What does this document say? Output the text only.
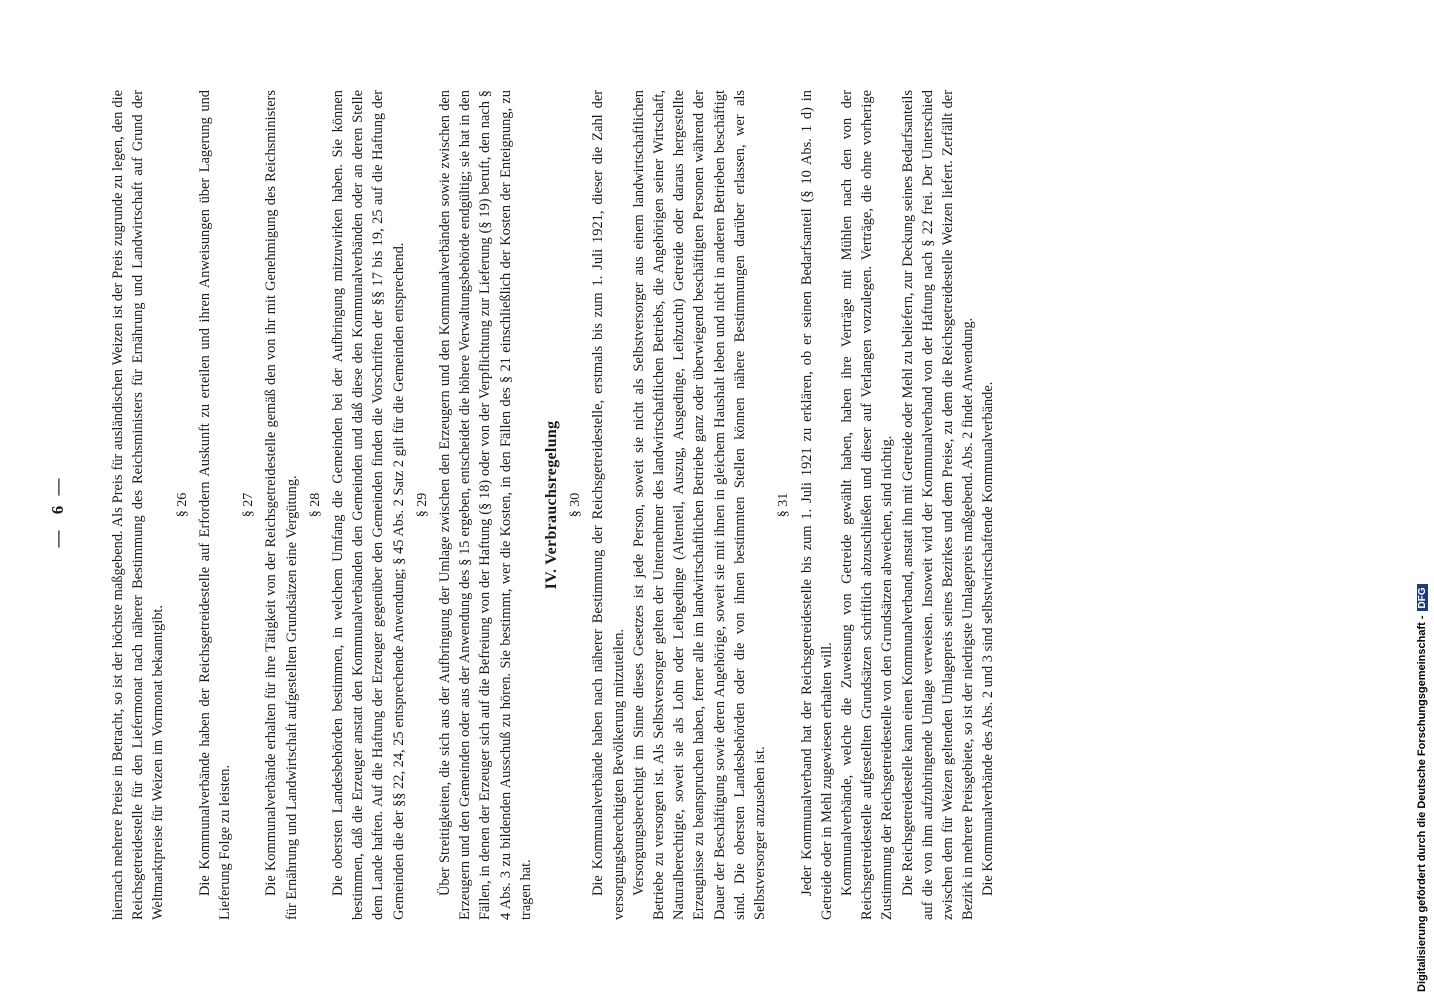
— 6 —	hiernach mehrere Preise in Betracht, so ist der höchste maßgebend. Als Preis für ausländischen Weizen ist der Preis zugrunde zu legen, den die Reichsgetreidestelle für den Liefermonat nach näherer Bestimmung des Reichsministers für Ernährung und Landwirtschaft auf Grund der Weltmarktpreise für Weizen im Vormonat bekanntgibt.

§ 26 Die Kommunalverbände haben der Reichsgetreidestelle auf Erfordern Auskunft zu erteilen und ihren Anweisungen über Lagerung und Lieferung Folge zu leisten.

§ 27 Die Kommunalverbände erhalten für ihre Tätigkeit von der Reichsgetreidestelle gemäß den von ihr mit Genehmigung des Reichsministers für Ernährung und Landwirtschaft aufgestellten Grundsätzen eine Vergütung. § 28 Die obersten Landesbehörden bestimmen, in welchem Umfang die Gemeinden bei der Aufbringung mitzuwirken haben. Sie können bestimmen, daß die Erzeuger anstatt den Kommunalverbänden den Gemeinden und daß diese den Kommunalverbänden oder an deren Stelle dem Lande haften. Auf die Haftung der Erzeuger gegenüber den Gemeinden finden die Vorschriften der §§ 17 bis 19, 25 auf die Haftung der Gemeinden die der §§ 22, 24, 25 entsprechende Anwendung; § 45 Abs. 2 Satz 2 gilt für die Gemeinden entsprechend. § 29 Über Streitigkeiten, die sich aus der Aufbringung der Umlage zwischen den Erzeugern und den Kommunalverbänden sowie zwischen den Erzeugern und den Gemeinden oder aus der Anwendung des § 15 ergeben, entscheidet die höhere Verwaltungsbehörde endgültig; sie hat in den Fällen, in denen der Erzeuger sich auf die Befreiung von der Haftung (§ 18) oder von der Verpflichtung zur Lieferung (§ 19) beruft, den nach § 4 Abs. 3 zu bildenden Ausschuß zu hören. Sie bestimmt, wer die Kosten, in den Fällen des § 21 einschließlich der Kosten der Enteignung, zu tragen hat.

IV. Verbrauchsregelung § 30 Die Kommunalverbände haben nach näherer Bestimmung der Reichsgetreidestelle, erstmals bis zum 1. Juli 1921, dieser die Zahl der versorgungsberechtigten Bevölkerung mitzuteilen. Versorgungsberechtigt im Sinne dieses Gesetzes ist jede Person, soweit sie nicht als Selbstversorger aus einem landwirtschaftlichen Betriebe zu versorgen ist. Als Selbstversorger gelten der Unternehmer des landwirtschaftlichen Betriebs, die Angehörigen seiner Wirtschaft, Naturalberechtigte, soweit sie als Lohn oder Leibgedinge (Altenteil, Auszug, Ausgedinge, Leibzucht) Getreide oder daraus hergestellte Erzeugnisse zu beanspruchen haben, ferner alle im landwirtschaftlichen Betriebe ganz oder überwiegend beschäftigten Personen während der Dauer der Beschäftigung sowie deren Angehörige, soweit sie mit ihnen in gleichem Haushalt leben und nicht in anderen Betrieben beschäftigt sind. Die obersten Landesbehörden oder die von ihnen bestimmten Stellen können nähere Bestimmungen darüber erlassen, wer als Selbstversorger anzusehen ist.

§ 31 Jeder Kommunalverband hat der Reichsgetreidestelle bis zum 1. Juli 1921 zu erklären, ob er seinen Bedarfsanteil (§ 10 Abs. 1 d) in Getreide oder in Mehl zugewiesen erhalten will. Kommunalverbände, welche die Zuweisung von Getreide gewählt haben, haben ihre Verträge mit Mühlen nach den von der Reichsgetreidestelle aufgestellten Grundsätzen schriftlich abzuschließen und dieser auf Verlangen vorzulegen. Verträge, die ohne vorherige Zustimmung der Reichsgetreidestelle von den Grundsätzen abweichen, sind nichtig. Die Reichsgetreidestelle kann einen Kommunalverband, anstatt ihn mit Getreide oder Mehl zu beliefern, zur Deckung seines Bedarfsanteils auf die von ihm aufzubringende Umlage verweisen. Insoweit wird der Kommunalverband von der Haftung nach § 22 frei. Der Unterschied zwischen dem für Weizen geltenden Umlagepreis seines Bezirkes und dem Preise, zu dem die Reichsgetreidestelle Weizen liefert. Zerfällt der Bezirk in mehrere Preisgebiete, so ist der niedrigste Umlagepreis maßgebend. Abs. 2 findet Anwendung. Die Kommunalverbände des Abs. 2 und 3 sind selbstwirtschaftende Kommunalverbände.	Digitalisierung gefördert durch die Deutsche Forschungsgemeinschaft -DFG
